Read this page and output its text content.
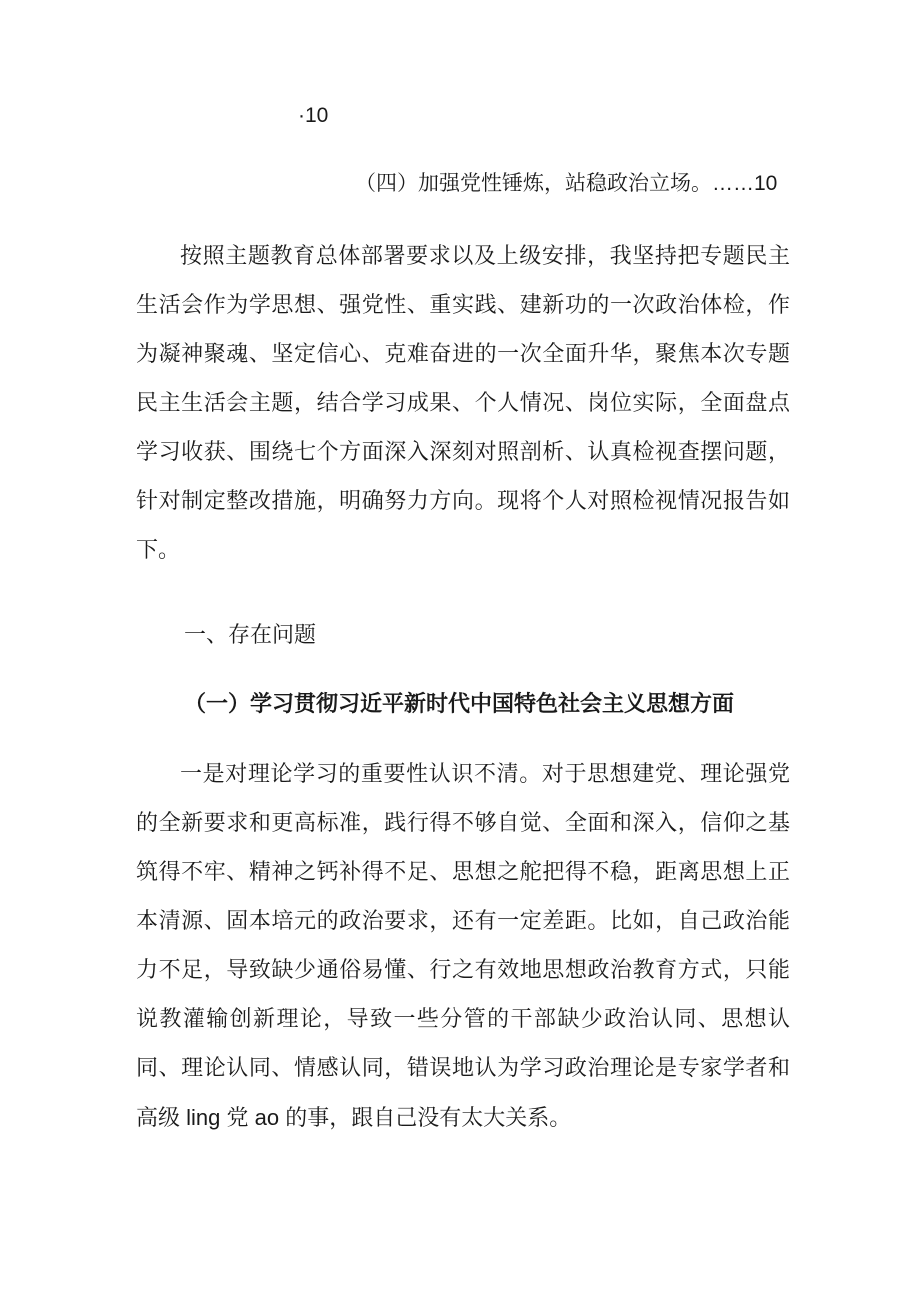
·10
（四）加强党性锤炼，站稳政治立场。……10

按照主题教育总体部署要求以及上级安排，我坚持把专题民主生活会作为学思想、强党性、重实践、建新功的一次政治体检，作为凝神聚魂、坚定信心、克难奋进的一次全面升华，聚焦本次专题民主生活会主题，结合学习成果、个人情况、岗位实际，全面盘点学习收获、围绕七个方面深入深刻对照剖析、认真检视查摆问题，针对制定整改措施，明确努力方向。现将个人对照检视情况报告如下。

一、存在问题
（一）学习贯彻习近平新时代中国特色社会主义思想方面

一是对理论学习的重要性认识不清。对于思想建党、理论强党的全新要求和更高标准，践行得不够自觉、全面和深入，信仰之基筑得不牢、精神之钙补得不足、思想之舵把得不稳，距离思想上正本清源、固本培元的政治要求，还有一定差距。比如，自己政治能力不足，导致缺少通俗易懂、行之有效地思想政治教育方式，只能说教灌输创新理论，导致一些分管的干部缺少政治认同、思想认同、理论认同、情感认同，错误地认为学习政治理论是专家学者和高级 ling 党 ao 的事，跟自己没有太大关系。
